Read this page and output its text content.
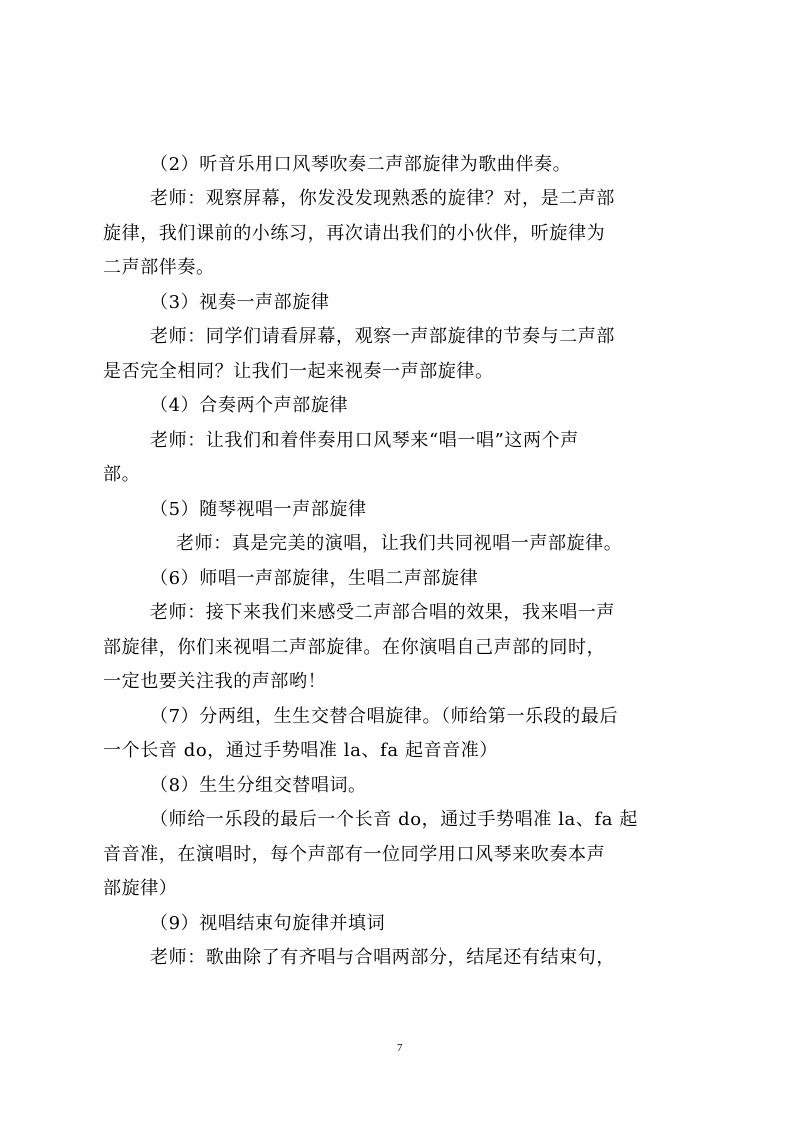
（2）听音乐用口风琴吹奏二声部旋律为歌曲伴奏。
老师：观察屏幕，你发没发现熟悉的旋律？对，是二声部
旋律，我们课前的小练习，再次请出我们的小伙伴，听旋律为
二声部伴奏。
（3）视奏一声部旋律
老师：同学们请看屏幕，观察一声部旋律的节奏与二声部
是否完全相同？让我们一起来视奏一声部旋律。
（4）合奏两个声部旋律
老师：让我们和着伴奏用口风琴来“唱一唱”这两个声
部。
（5）随琴视唱一声部旋律
老师：真是完美的演唱，让我们共同视唱一声部旋律。
（6）师唱一声部旋律，生唱二声部旋律
老师：接下来我们来感受二声部合唱的效果，我来唱一声
部旋律，你们来视唱二声部旋律。在你演唱自己声部的同时，
一定也要关注我的声部哟！
（7）分两组，生生交替合唱旋律。（师给第一乐段的最后
一个长音 do，通过手势唱准 la、fa 起音音准）
（8）生生分组交替唱词。
（师给一乐段的最后一个长音 do，通过手势唱准 la、fa 起
音音准，在演唱时，每个声部有一位同学用口风琴来吹奏本声
部旋律）
（9）视唱结束句旋律并填词
老师：歌曲除了有齐唱与合唱两部分，结尾还有结束句，
7
